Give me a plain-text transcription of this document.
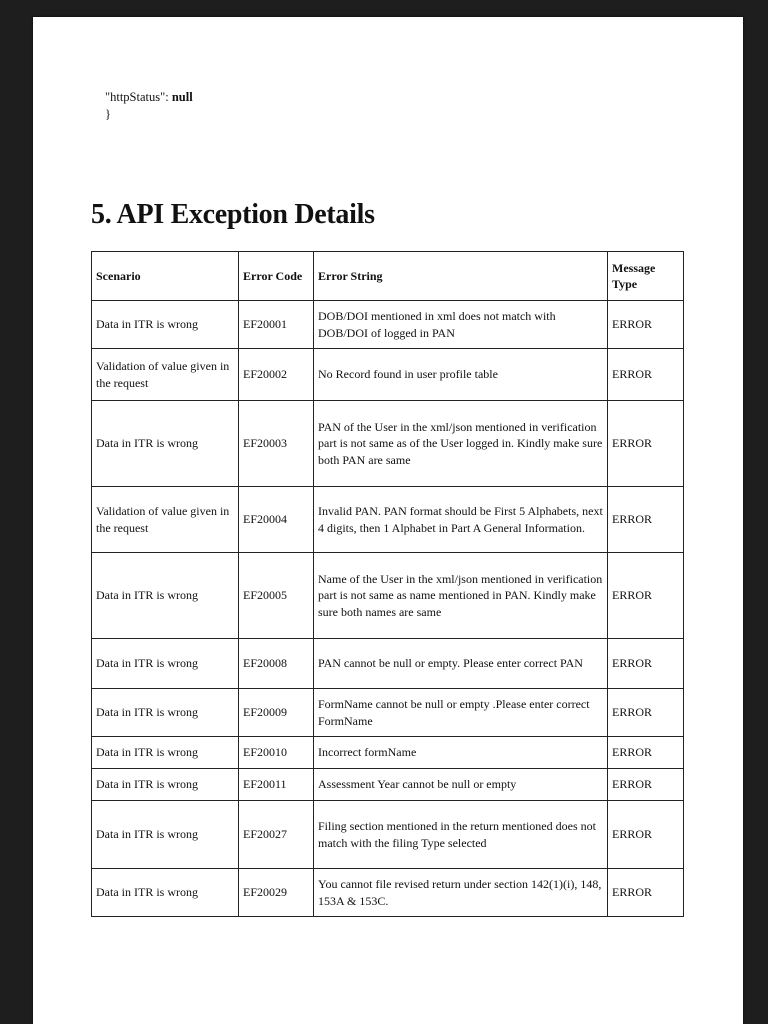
"httpStatus": null
}
5. API Exception Details
Scenario	Error Code	Error String	Message Type
Data in ITR is wrong	EF20001	DOB/DOI mentioned in xml does not match with DOB/DOI of logged in PAN	ERROR
Validation of value given in the request	EF20002	No Record found in user profile table	ERROR
Data in ITR is wrong	EF20003	PAN of the User in the xml/json mentioned in verification part is not same as of the User logged in. Kindly make sure both PAN are same	ERROR
Validation of value given in the request	EF20004	Invalid PAN. PAN format should be First 5 Alphabets, next 4 digits, then 1 Alphabet in Part A General Information.	ERROR
Data in ITR is wrong	EF20005	Name of the User in the xml/json mentioned in verification part is not same as name mentioned in PAN. Kindly make sure both names are same	ERROR
Data in ITR is wrong	EF20008	PAN cannot be null or empty. Please enter correct PAN	ERROR
Data in ITR is wrong	EF20009	FormName cannot be null or empty .Please enter correct FormName	ERROR
Data in ITR is wrong	EF20010	Incorrect formName	ERROR
Data in ITR is wrong	EF20011	Assessment Year cannot be null or empty	ERROR
Data in ITR is wrong	EF20027	Filing section mentioned in the return mentioned does not match with the filing Type selected	ERROR
Data in ITR is wrong	EF20029	You cannot file revised return under section 142(1)(i), 148, 153A & 153C.	ERROR
